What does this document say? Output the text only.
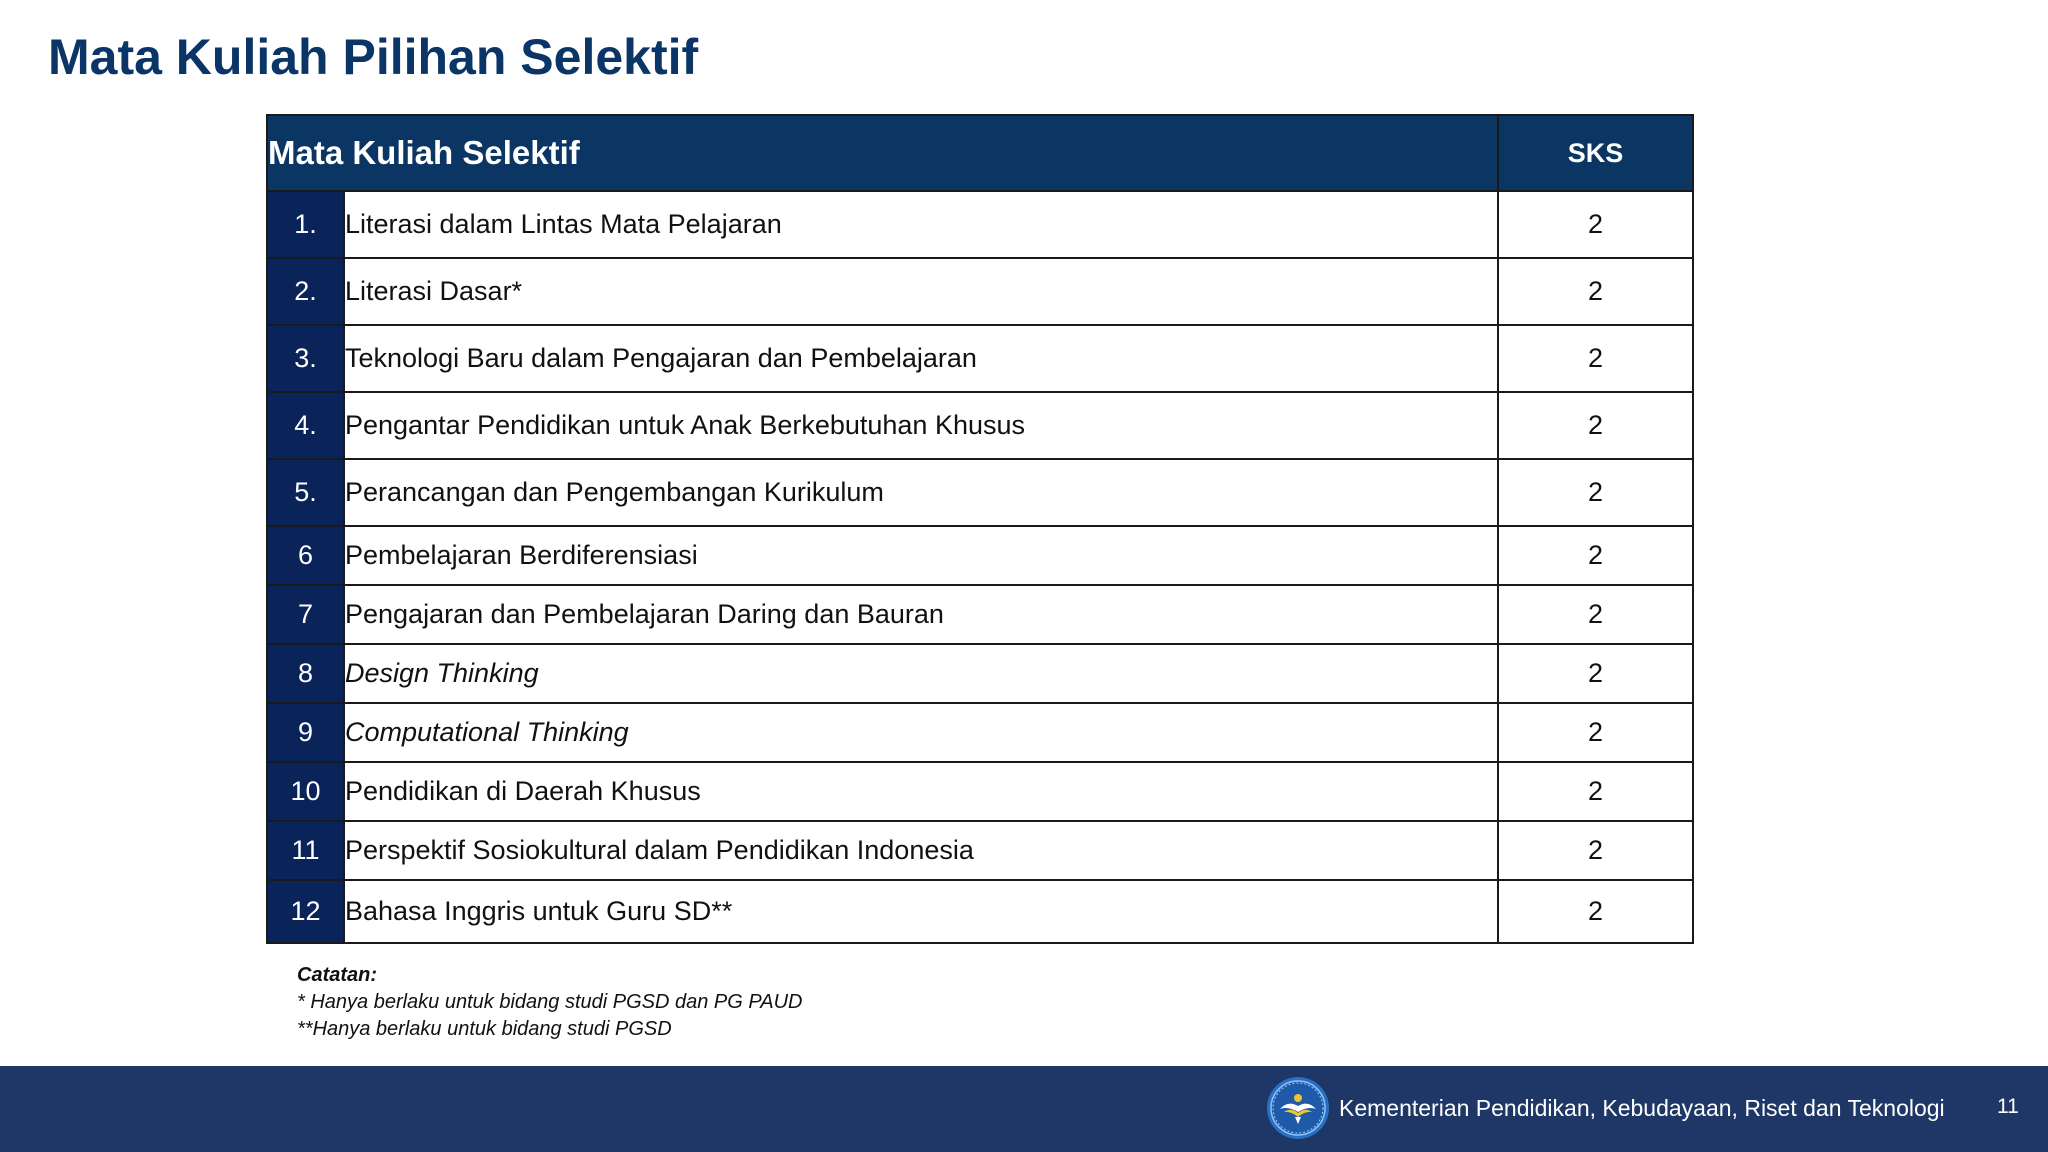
Mata Kuliah Pilihan Selektif
Mata Kuliah Selektif		SKS
1.	Literasi dalam Lintas Mata Pelajaran	2
2.	Literasi Dasar*	2
3.	Teknologi Baru dalam Pengajaran dan Pembelajaran	2
4.	Pengantar Pendidikan untuk Anak Berkebutuhan Khusus	2
5.	Perancangan dan Pengembangan Kurikulum	2
6	Pembelajaran Berdiferensiasi	2
7	Pengajaran dan Pembelajaran Daring dan Bauran	2
8	Design Thinking	2
9	Computational Thinking	2
10	Pendidikan di Daerah Khusus	2
11	Perspektif Sosiokultural dalam Pendidikan Indonesia	2
12	Bahasa Inggris untuk Guru SD**	2
Catatan:
* Hanya berlaku untuk bidang studi PGSD dan PG PAUD
**Hanya berlaku untuk bidang studi PGSD
Kementerian Pendidikan, Kebudayaan, Riset dan Teknologi 11
